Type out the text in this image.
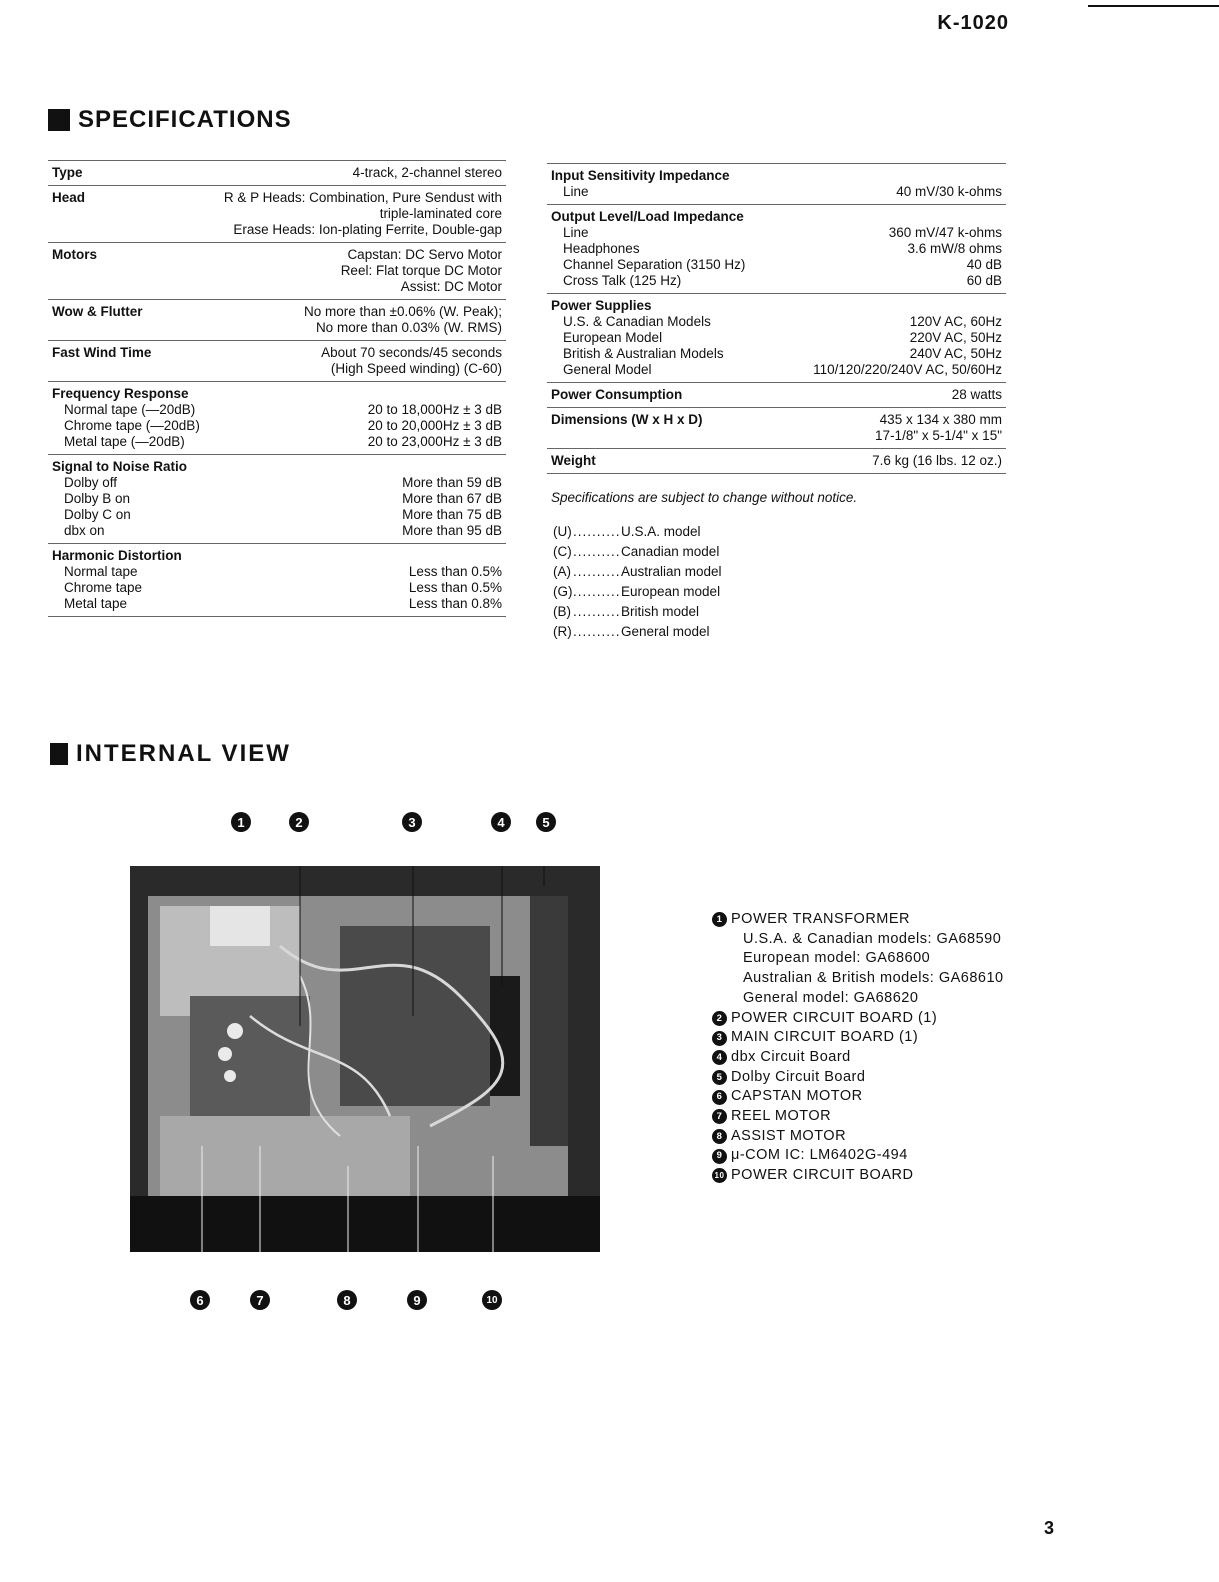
K-1020
SPECIFICATIONS
Type	4-track, 2-channel stereo
Head	R & P Heads: Combination, Pure Sendust with
triple-laminated core
Erase Heads: Ion-plating Ferrite, Double-gap
Motors	Capstan: DC Servo Motor
Reel: Flat torque DC Motor
Assist: DC Motor
Wow & Flutter	No more than ±0.06% (W. Peak);
No more than 0.03% (W. RMS)
Fast Wind Time	About 70 seconds/45 seconds
(High Speed winding) (C-60)
Frequency Response
Normal tape (—20dB)	20 to 18,000Hz ± 3 dB
Chrome tape (—20dB)	20 to 20,000Hz ± 3 dB
Metal tape (—20dB)	20 to 23,000Hz ± 3 dB
Signal to Noise Ratio
Dolby off	More than 59 dB
Dolby B on	More than 67 dB
Dolby C on	More than 75 dB
dbx on	More than 95 dB
Harmonic Distortion
Normal tape	Less than 0.5%
Chrome tape	Less than 0.5%
Metal tape	Less than 0.8%
Input Sensitivity Impedance
Line	40 mV/30 k-ohms
Output Level/Load Impedance
Line	360 mV/47 k-ohms
Headphones	3.6 mW/8 ohms
Channel Separation (3150 Hz)	40 dB
Cross Talk (125 Hz)	60 dB
Power Supplies
U.S. & Canadian Models	120V AC, 60Hz
European Model	220V AC, 50Hz
British & Australian Models	240V AC, 50Hz
General Model	110/120/220/240V AC, 50/60Hz
Power Consumption	28 watts
Dimensions (W x H x D)	435 x 134 x 380 mm
17-1/8" x 5-1/4" x 15"
Weight	7.6 kg (16 lbs. 12 oz.)
Specifications are subject to change without notice.
(U) .......... U.S.A. model
(C) .......... Canadian model
(A) .......... Australian model
(G) .......... European model
(B) .......... British model
(R) .......... General model
INTERNAL VIEW
1	2	3	4	5
6	7	8	9	10
1 POWER TRANSFORMER
U.S.A. & Canadian models: GA68590
European model: GA68600
Australian & British models: GA68610
General model: GA68620
2 POWER CIRCUIT BOARD (1)
3 MAIN CIRCUIT BOARD (1)
4 dbx Circuit Board
5 Dolby Circuit Board
6 CAPSTAN MOTOR
7 REEL MOTOR
8 ASSIST MOTOR
9 μ-COM IC: LM6402G-494
10 POWER CIRCUIT BOARD
3
